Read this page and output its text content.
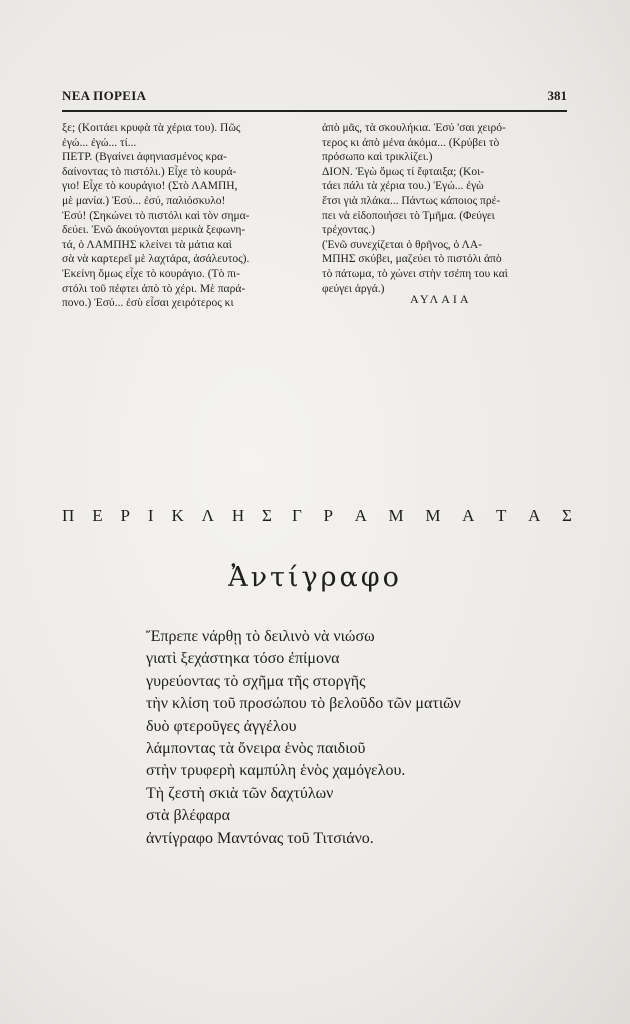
ΝΕΑ ΠΟΡΕΙΑ	381
ξε; (Κοιτάει κρυφὰ τὰ χέρια του). Πῶς
ἐγώ... ἐγώ... τί...
ΠΕΤΡ. (Βγαίνει ἀφηνιασμένος κρα-
δαίνοντας τὸ πιστόλι.) Εἶχε τὸ κουρά-
γιο! Εἶχε τὸ κουράγιο! (Στὸ ΛΑΜΠΗ,
μὲ μανία.) Ἐσύ... ἐσύ, παλιόσκυλο!
Ἐσύ! (Σηκώνει τὸ πιστόλι καὶ τὸν σημα-
δεύει. Ἐνῶ ἀκούγονται μερικὰ ξεφωνη-
τά, ὁ ΛΑΜΠΗΣ κλείνει τὰ μάτια καὶ
σὰ νὰ καρτερεῖ μὲ λαχτάρα, ἀσάλευτος).
Ἐκείνη ὅμως εἶχε τὸ κουράγιο. (Τὸ πι-
στόλι τοῦ πέφτει ἀπὸ τὸ χέρι. Μὲ παρά-
πονο.) Ἐσύ... ἐσὺ εἶσαι χειρότερος κι
ἀπὸ μᾶς, τὰ σκουλήκια. Ἐσύ 'σαι χειρό-
τερος κι ἀπὸ μένα ἀκόμα... (Κρύβει τὸ
πρόσωπο καὶ τρικλίζει.)
ΔΙΟΝ. Ἐγὼ ὅμως τί ἔφταιξα; (Κοι-
τάει πάλι τὰ χέρια του.) Ἐγώ... ἐγὼ
ἔτσι γιὰ πλάκα... Πάντως κάποιος πρέ-
πει νὰ εἰδοποιήσει τὸ Τμῆμα. (Φεύγει
τρέχοντας.)
(Ἐνῶ συνεχίζεται ὁ θρῆνος, ὁ ΛΑ-
ΜΠΗΣ σκύβει, μαζεύει τὸ πιστόλι ἀπὸ
τὸ πάτωμα, τὸ χώνει στὴν τσέπη του καὶ
φεύγει ἀργά.)
ΑΥΛΑΙΑ
Π Ε Ρ Ι Κ Λ Η Σ Γ Ρ Α Μ Μ Α Τ Α Σ
Ἀντίγραφο
Ἔπρεπε νάρθῃ τὸ δειλινὸ νὰ νιώσω
γιατὶ ξεχάστηκα τόσο ἐπίμονα
γυρεύοντας τὸ σχῆμα τῆς στοργῆς
τὴν κλίση τοῦ προσώπου τὸ βελοῦδο τῶν ματιῶν
δυὸ φτεροῦγες ἀγγέλου
λάμποντας τὰ ὄνειρα ἑνὸς παιδιοῦ
στὴν τρυφερὴ καμπύλη ἑνὸς χαμόγελου.
Τὴ ζεστὴ σκιὰ τῶν δαχτύλων
στὰ βλέφαρα
ἀντίγραφο Μαντόνας τοῦ Τιτσιάνο.
